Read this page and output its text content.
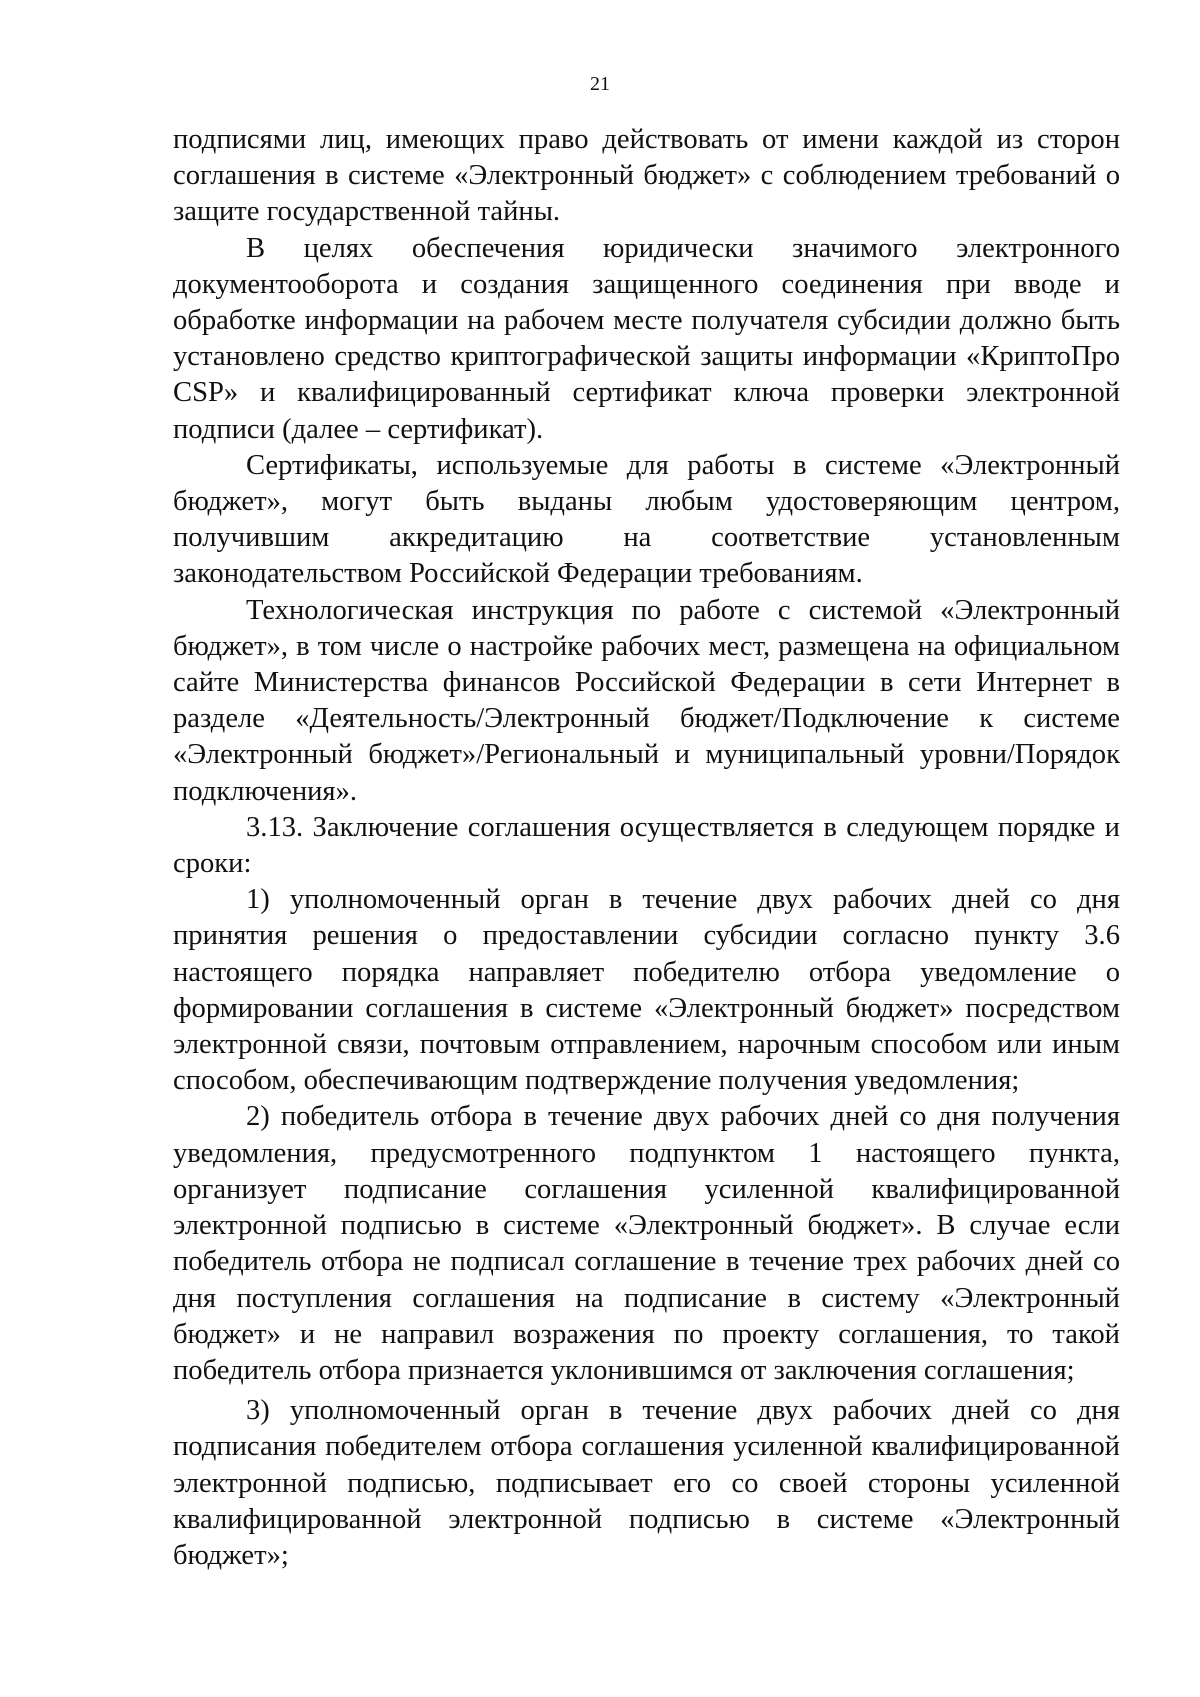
21

подписями лиц, имеющих право действовать от имени каждой из сторон соглашения в системе «Электронный бюджет» с соблюдением требований о защите государственной тайны.

В целях обеспечения юридически значимого электронного документооборота и создания защищенного соединения при вводе и обработке информации на рабочем месте получателя субсидии должно быть установлено средство криптографической защиты информации «КриптоПро CSP» и квалифицированный сертификат ключа проверки электронной подписи (далее – сертификат).

Сертификаты, используемые для работы в системе «Электронный бюджет», могут быть выданы любым удостоверяющим центром, получившим аккредитацию на соответствие установленным законодательством Российской Федерации требованиям.

Технологическая инструкция по работе с системой «Электронный бюджет», в том числе о настройке рабочих мест, размещена на официальном сайте Министерства финансов Российской Федерации в сети Интернет в разделе «Деятельность/Электронный бюджет/Подключение к системе «Электронный бюджет»/Региональный и муниципальный уровни/Порядок подключения».

3.13. Заключение соглашения осуществляется в следующем порядке и сроки:

1) уполномоченный орган в течение двух рабочих дней со дня принятия решения о предоставлении субсидии согласно пункту 3.6 настоящего порядка направляет победителю отбора уведомление о формировании соглашения в системе «Электронный бюджет» посредством электронной связи, почтовым отправлением, нарочным способом или иным способом, обеспечивающим подтверждение получения уведомления;

2) победитель отбора в течение двух рабочих дней со дня получения уведомления, предусмотренного подпунктом 1 настоящего пункта, организует подписание соглашения усиленной квалифицированной электронной подписью в системе «Электронный бюджет». В случае если победитель отбора не подписал соглашение в течение трех рабочих дней со дня поступления соглашения на подписание в систему «Электронный бюджет» и не направил возражения по проекту соглашения, то такой победитель отбора признается уклонившимся от заключения соглашения;

3) уполномоченный орган в течение двух рабочих дней со дня подписания победителем отбора соглашения усиленной квалифицированной электронной подписью, подписывает его со своей стороны усиленной квалифицированной электронной подписью в системе «Электронный бюджет»;
